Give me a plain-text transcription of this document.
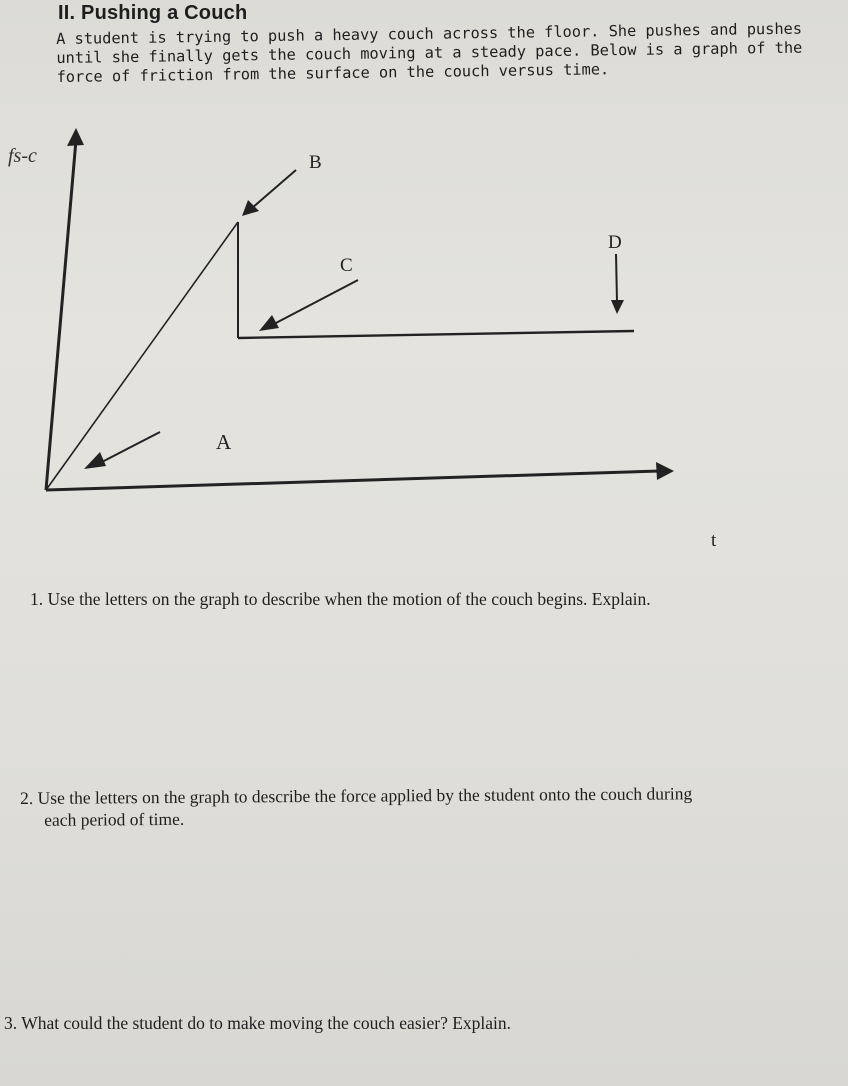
II. Pushing a Couch

A student is trying to push a heavy couch across the floor. She pushes and pushes until she finally gets the couch moving at a steady pace. Below is a graph of the force of friction from the surface on the couch versus time.

fs-c
t
A
B
C
D

1. Use the letters on the graph to describe when the motion of the couch begins. Explain.

2. Use the letters on the graph to describe the force applied by the student onto the couch during
each period of time.

3. What could the student do to make moving the couch easier? Explain.
